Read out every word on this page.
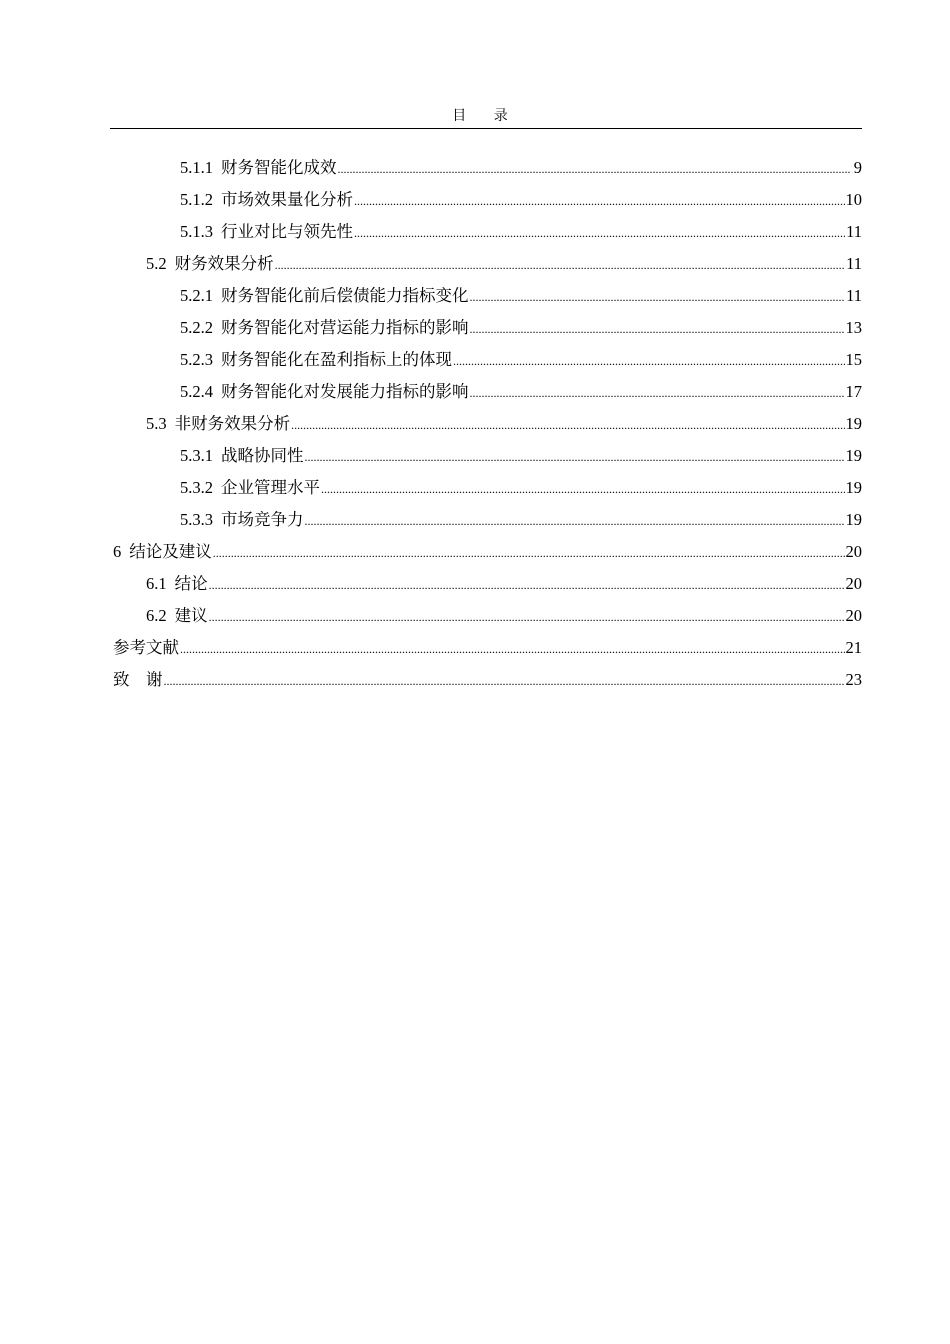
目 录
5.1.1 财务智能化成效 .....	9
5.1.2 市场效果量化分析 .....	10
5.1.3 行业对比与领先性 .....	11
5.2 财务效果分析 .....	11
5.2.1 财务智能化前后偿债能力指标变化 .....	11
5.2.2 财务智能化对营运能力指标的影响 .....	13
5.2.3 财务智能化在盈利指标上的体现 .....	15
5.2.4 财务智能化对发展能力指标的影响 .....	17
5.3 非财务效果分析 .....	19
5.3.1 战略协同性 .....	19
5.3.2 企业管理水平 .....	19
5.3.3 市场竞争力 .....	19
6 结论及建议 .....	20
6.1 结论 .....	20
6.2 建议 .....	20
参考文献 .....	21
致　谢 .....	23
